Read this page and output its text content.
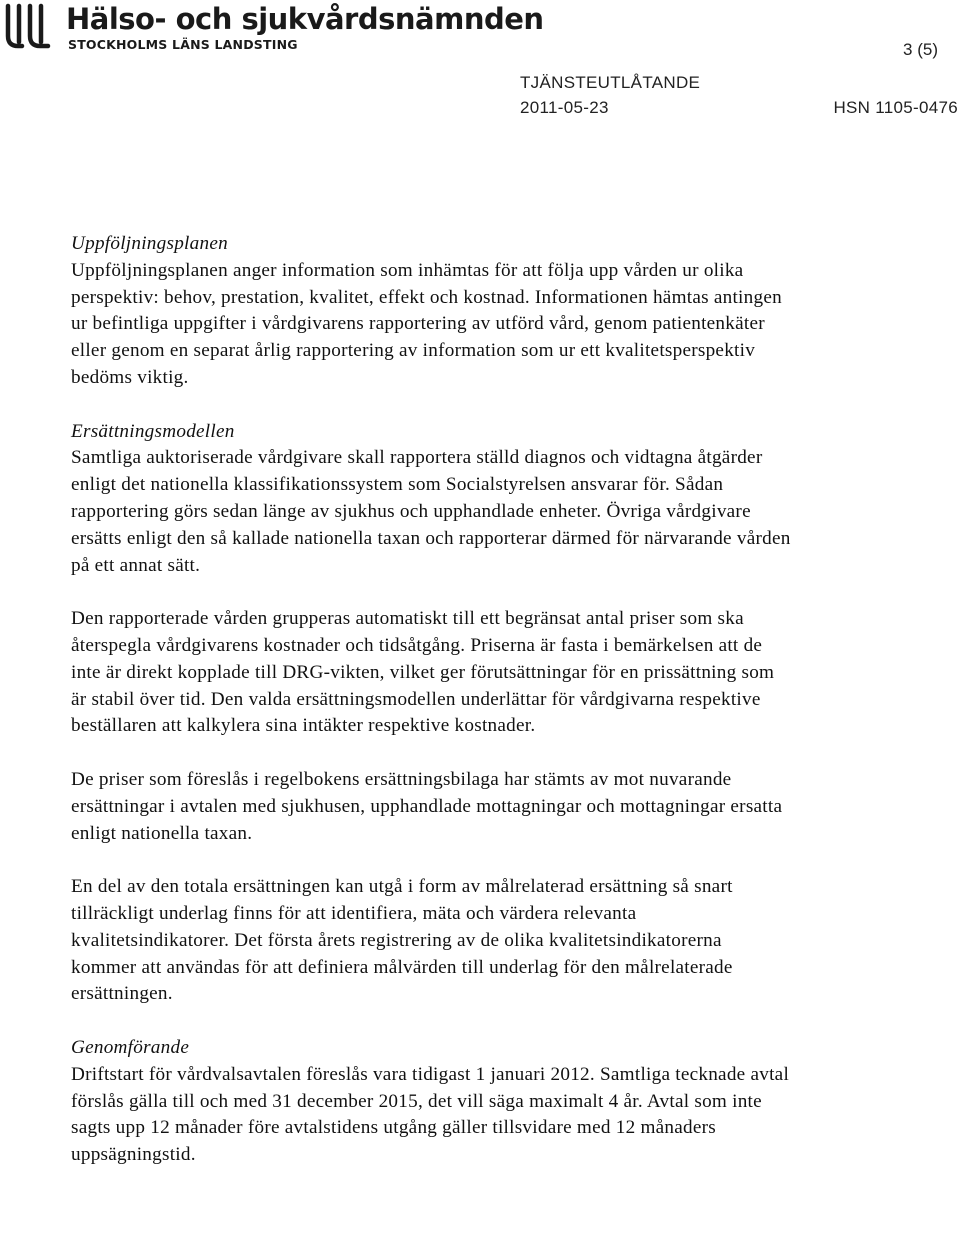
Hälso- och sjukvårdsnämnden
STOCKHOLMS LÄNS LANDSTING	3 (5)
TJÄNSTEUTLÅTANDE
2011-05-23	HSN 1105-0476

Uppföljningsplanen

Uppföljningsplanen anger information som inhämtas för att följa upp vården ur olika perspektiv: behov, prestation, kvalitet, effekt och kostnad. Informationen hämtas antingen ur befintliga uppgifter i vårdgivarens rapportering av utförd vård, genom patientenkäter eller genom en separat årlig rapportering av information som ur ett kvalitetsperspektiv bedöms viktig.

Ersättningsmodellen

Samtliga auktoriserade vårdgivare skall rapportera ställd diagnos och vidtagna åtgärder enligt det nationella klassifikationssystem som Socialstyrelsen ansvarar för. Sådan rapportering görs sedan länge av sjukhus och upphandlade enheter. Övriga vårdgivare ersätts enligt den så kallade nationella taxan och rapporterar därmed för närvarande vården på ett annat sätt.

Den rapporterade vården grupperas automatiskt till ett begränsat antal priser som ska återspegla vårdgivarens kostnader och tidsåtgång. Priserna är fasta i bemärkelsen att de inte är direkt kopplade till DRG-vikten, vilket ger förutsättningar för en prissättning som är stabil över tid. Den valda ersättningsmodellen underlättar för vårdgivarna respektive beställaren att kalkylera sina intäkter respektive kostnader.

De priser som föreslås i regelbokens ersättningsbilaga har stämts av mot nuvarande ersättningar i avtalen med sjukhusen, upphandlade mottagningar och mottagningar ersatta enligt nationella taxan.

En del av den totala ersättningen kan utgå i form av målrelaterad ersättning så snart tillräckligt underlag finns för att identifiera, mäta och värdera relevanta kvalitetsindikatorer. Det första årets registrering av de olika kvalitetsindikatorerna kommer att användas för att definiera målvärden till underlag för den målrelaterade ersättningen.

Genomförande

Driftstart för vårdvalsavtalen föreslås vara tidigast 1 januari 2012. Samtliga tecknade avtal förslås gälla till och med 31 december 2015, det vill säga maximalt 4 år. Avtal som inte sagts upp 12 månader före avtalstidens utgång gäller tillsvidare med 12 månaders uppsägningstid.
